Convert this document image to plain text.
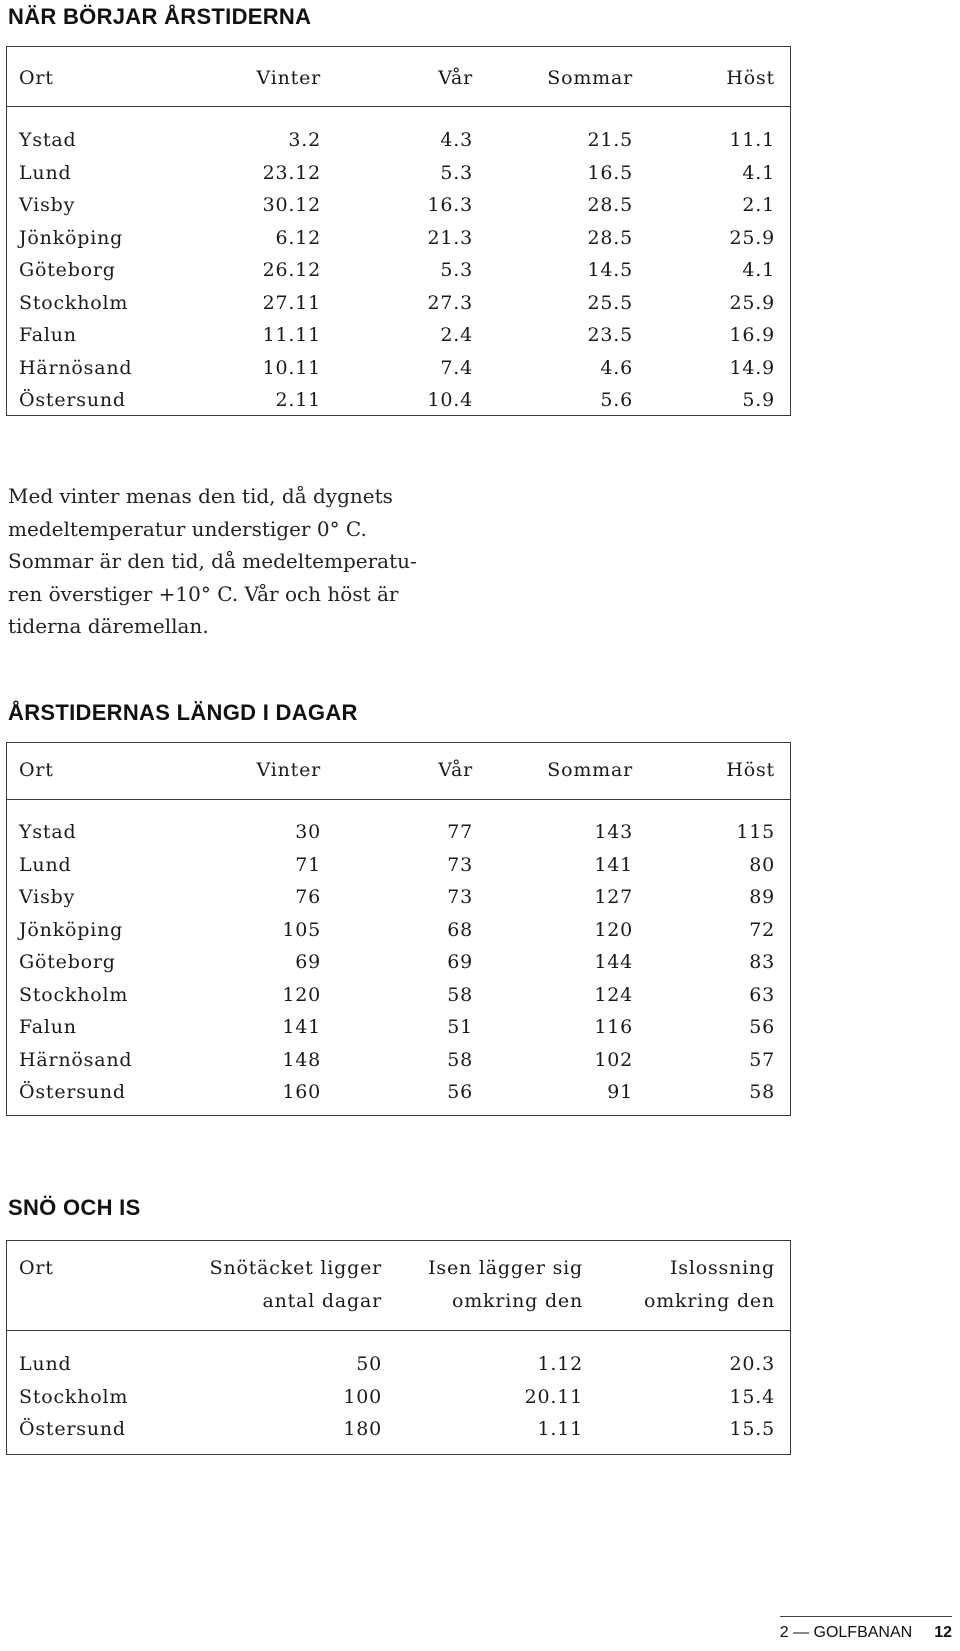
NÄR BÖRJAR ÅRSTIDERNA
Ort	Vinter	Vår	Sommar	Höst
Ystad	3.2	4.3	21.5	11.1
Lund	23.12	5.3	16.5	4.1
Visby	30.12	16.3	28.5	2.1
Jönköping	6.12	21.3	28.5	25.9
Göteborg	26.12	5.3	14.5	4.1
Stockholm	27.11	27.3	25.5	25.9
Falun	11.11	2.4	23.5	16.9
Härnösand	10.11	7.4	4.6	14.9
Östersund	2.11	10.4	5.6	5.9
Med vinter menas den tid, då dygnets
medeltemperatur understiger 0° C.
Sommar är den tid, då medeltemperatu-
ren överstiger +10° C. Vår och höst är
tiderna däremellan.
ÅRSTIDERNAS LÄNGD I DAGAR
Ort	Vinter	Vår	Sommar	Höst
Ystad	30	77	143	115
Lund	71	73	141	80
Visby	76	73	127	89
Jönköping	105	68	120	72
Göteborg	69	69	144	83
Stockholm	120	58	124	63
Falun	141	51	116	56
Härnösand	148	58	102	57
Östersund	160	56	91	58
SNÖ OCH IS
Ort	Snötäcket ligger	Isen lägger sig	Islossning
antal dagar	omkring den	omkring den
Lund	50	1.12	20.3
Stockholm	100	20.11	15.4
Östersund	180	1.11	15.5
2 — GOLFBANAN 12
